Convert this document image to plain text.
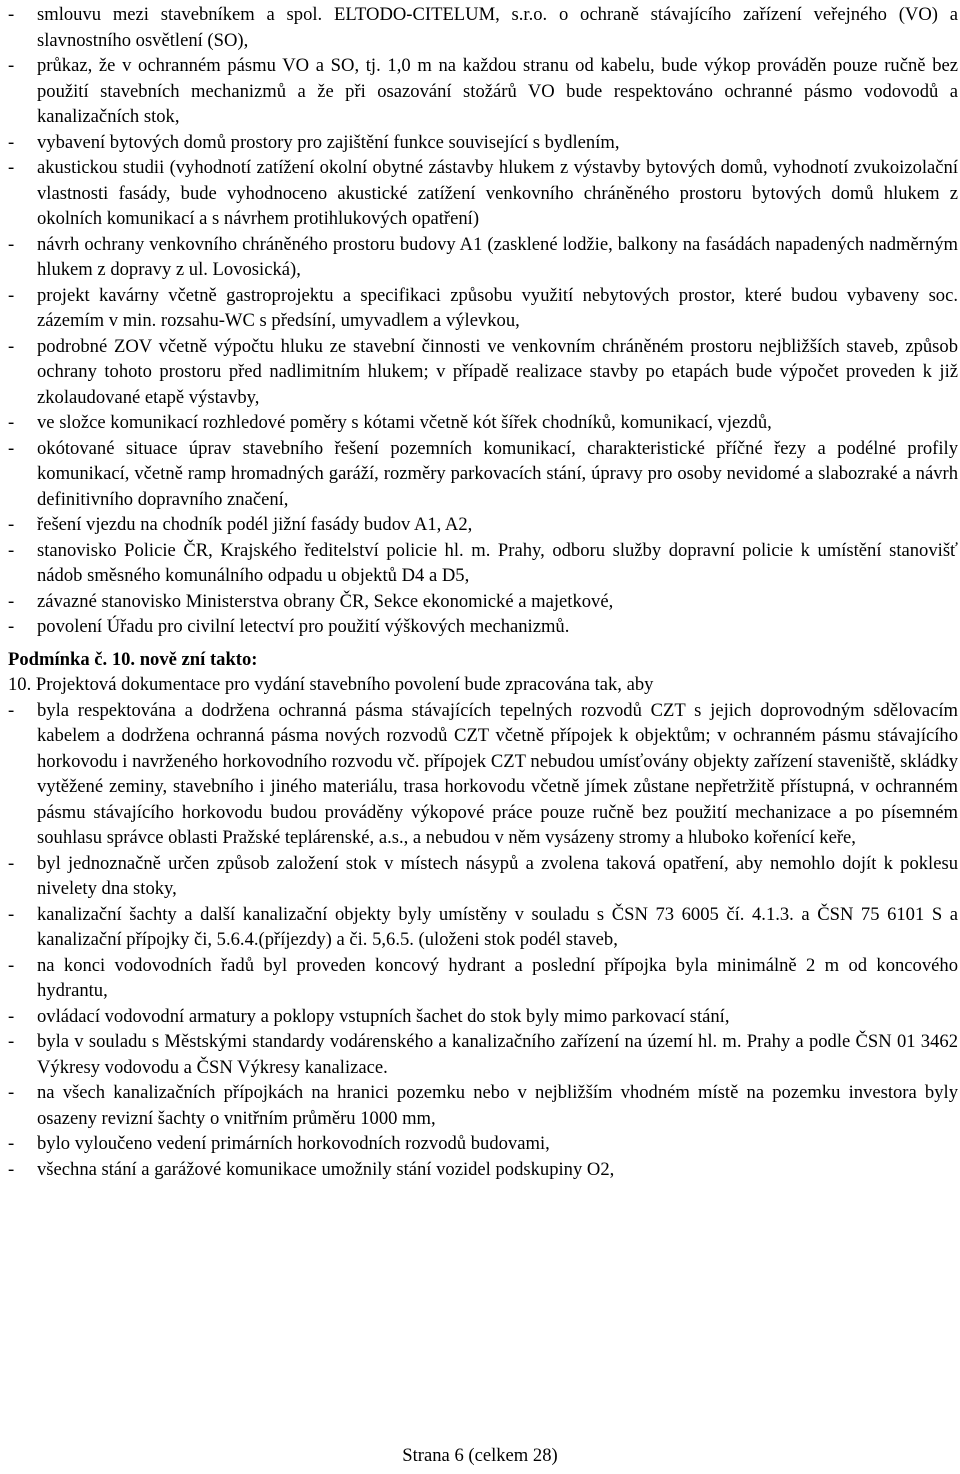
- smlouvu mezi stavebníkem a spol. ELTODO-CITELUM, s.r.o. o ochraně stávajícího zařízení veřejného (VO) a slavnostního osvětlení (SO),
- průkaz, že v ochranném pásmu VO a SO, tj. 1,0 m na každou stranu od kabelu, bude výkop prováděn pouze ručně bez použití stavebních mechanizmů a že při osazování stožárů VO bude respektováno ochranné pásmo vodovodů a kanalizačních stok,
- vybavení bytových domů prostory pro zajištění funkce související s bydlením,
- akustickou studii (vyhodnotí zatížení okolní obytné zástavby hlukem z výstavby bytových domů, vyhodnotí zvukoizolační vlastnosti fasády, bude vyhodnoceno akustické zatížení venkovního chráněného prostoru bytových domů hlukem z okolních komunikací a s návrhem protihlukových opatření)
- návrh ochrany venkovního chráněného prostoru budovy A1 (zasklené lodžie, balkony na fasádách napadených nadměrným hlukem z dopravy z ul. Lovosická),
- projekt kavárny včetně gastroprojektu a specifikaci způsobu využití nebytových prostor, které budou vybaveny soc. zázemím v min. rozsahu-WC s předsíní, umyvadlem a výlevkou,
- podrobné ZOV včetně výpočtu hluku ze stavební činnosti ve venkovním chráněném prostoru nejbližších staveb, způsob ochrany tohoto prostoru před nadlimitním hlukem; v případě realizace stavby po etapách bude výpočet proveden k již zkolaudované etapě výstavby,
- ve složce komunikací rozhledové poměry s kótami včetně kót šířek chodníků, komunikací, vjezdů,
- okótované situace úprav stavebního řešení pozemních komunikací, charakteristické příčné řezy a podélné profily komunikací, včetně ramp hromadných garáží, rozměry parkovacích stání, úpravy pro osoby nevidomé a slabozraké a návrh definitivního dopravního značení,
- řešení vjezdu na chodník podél jižní fasády budov A1, A2,
- stanovisko Policie ČR, Krajského ředitelství policie hl. m. Prahy, odboru služby dopravní policie k umístění stanovišť nádob směsného komunálního odpadu u objektů D4 a D5,
- závazné stanovisko Ministerstva obrany ČR, Sekce ekonomické a majetkové,
- povolení Úřadu pro civilní letectví pro použití výškových mechanizmů.
Podmínka č. 10. nově zní takto:
10. Projektová dokumentace pro vydání stavebního povolení bude zpracována tak, aby
- byla respektována a dodržena ochranná pásma stávajících tepelných rozvodů CZT s jejich doprovodným sdělovacím kabelem a dodržena ochranná pásma nových rozvodů CZT včetně přípojek k objektům; v ochranném pásmu stávajícího horkovodu i navrženého horkovodního rozvodu vč. přípojek CZT nebudou umísťovány objekty zařízení staveniště, skládky vytěžené zeminy, stavebního i jiného materiálu, trasa horkovodu včetně jímek zůstane nepřetržitě přístupná, v ochranném pásmu stávajícího horkovodu budou prováděny výkopové práce pouze ručně bez použití mechanizace a po písemném souhlasu správce oblasti Pražské teplárenské, a.s., a nebudou v něm vysázeny stromy a hluboko kořenící keře,
- byl jednoznačně určen způsob založení stok v místech násypů a zvolena taková opatření, aby nemohlo dojít k poklesu nivelety dna stoky,
- kanalizační šachty a další kanalizační objekty byly umístěny v souladu s ČSN 73 6005 čí. 4.1.3. a ČSN 75 6101 S a kanalizační přípojky či, 5.6.4.(příjezdy) a či. 5,6.5. (uloženi stok podél staveb,
- na konci vodovodních řadů byl proveden koncový hydrant a poslední přípojka byla minimálně 2 m od koncového hydrantu,
- ovládací vodovodní armatury a poklopy vstupních šachet do stok byly mimo parkovací stání,
- byla v souladu s Městskými standardy vodárenského a kanalizačního zařízení na území hl. m. Prahy a podle ČSN 01 3462 Výkresy vodovodu a ČSN Výkresy kanalizace.
- na všech kanalizačních přípojkách na hranici pozemku nebo v nejbližším vhodném místě na pozemku investora byly osazeny revizní šachty o vnitřním průměru 1000 mm,
- bylo vyloučeno vedení primárních horkovodních rozvodů budovami,
- všechna stání a garážové komunikace umožnily stání vozidel podskupiny O2,
Strana 6 (celkem 28)
